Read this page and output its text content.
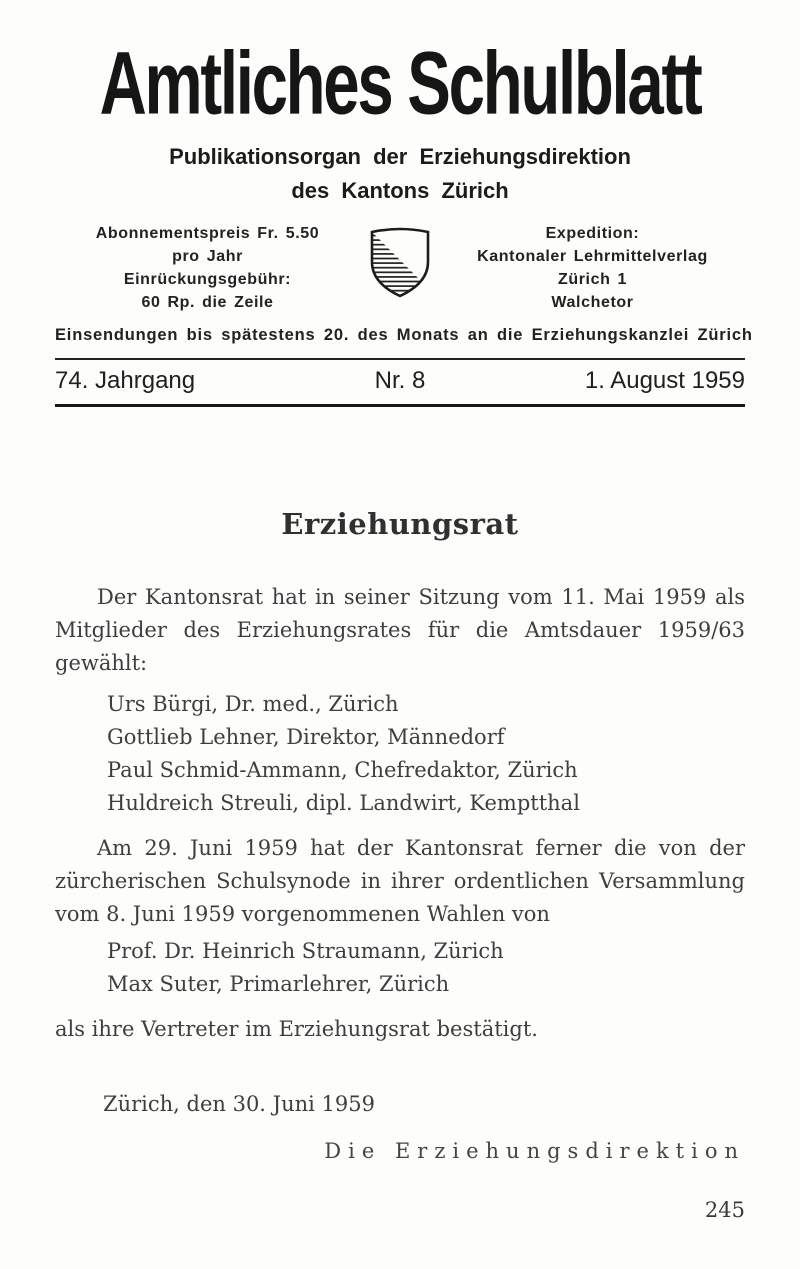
Amtliches Schulblatt
Publikationsorgan der Erziehungsdirektion
des Kantons Zürich
Abonnementspreis Fr. 5.50
pro Jahr
Einrückungsgebühr:
60 Rp. die Zeile
Expedition:
Kantonaler Lehrmittelverlag
Zürich 1
Walchetor
Einsendungen bis spätestens 20. des Monats an die Erziehungskanzlei Zürich
74. Jahrgang	Nr. 8	1. August 1959
Erziehungsrat

Der Kantonsrat hat in seiner Sitzung vom 11. Mai 1959 als Mitglieder des Erziehungsrates für die Amtsdauer 1959/63 gewählt:

Urs Bürgi, Dr. med., Zürich
Gottlieb Lehner, Direktor, Männedorf
Paul Schmid-Ammann, Chefredaktor, Zürich
Huldreich Streuli, dipl. Landwirt, Kemptthal

Am 29. Juni 1959 hat der Kantonsrat ferner die von der zürcherischen Schulsynode in ihrer ordentlichen Versammlung vom 8. Juni 1959 vorgenommenen Wahlen von

Prof. Dr. Heinrich Straumann, Zürich
Max Suter, Primarlehrer, Zürich

als ihre Vertreter im Erziehungsrat bestätigt.

Zürich, den 30. Juni 1959

Die Erziehungsdirektion

245
